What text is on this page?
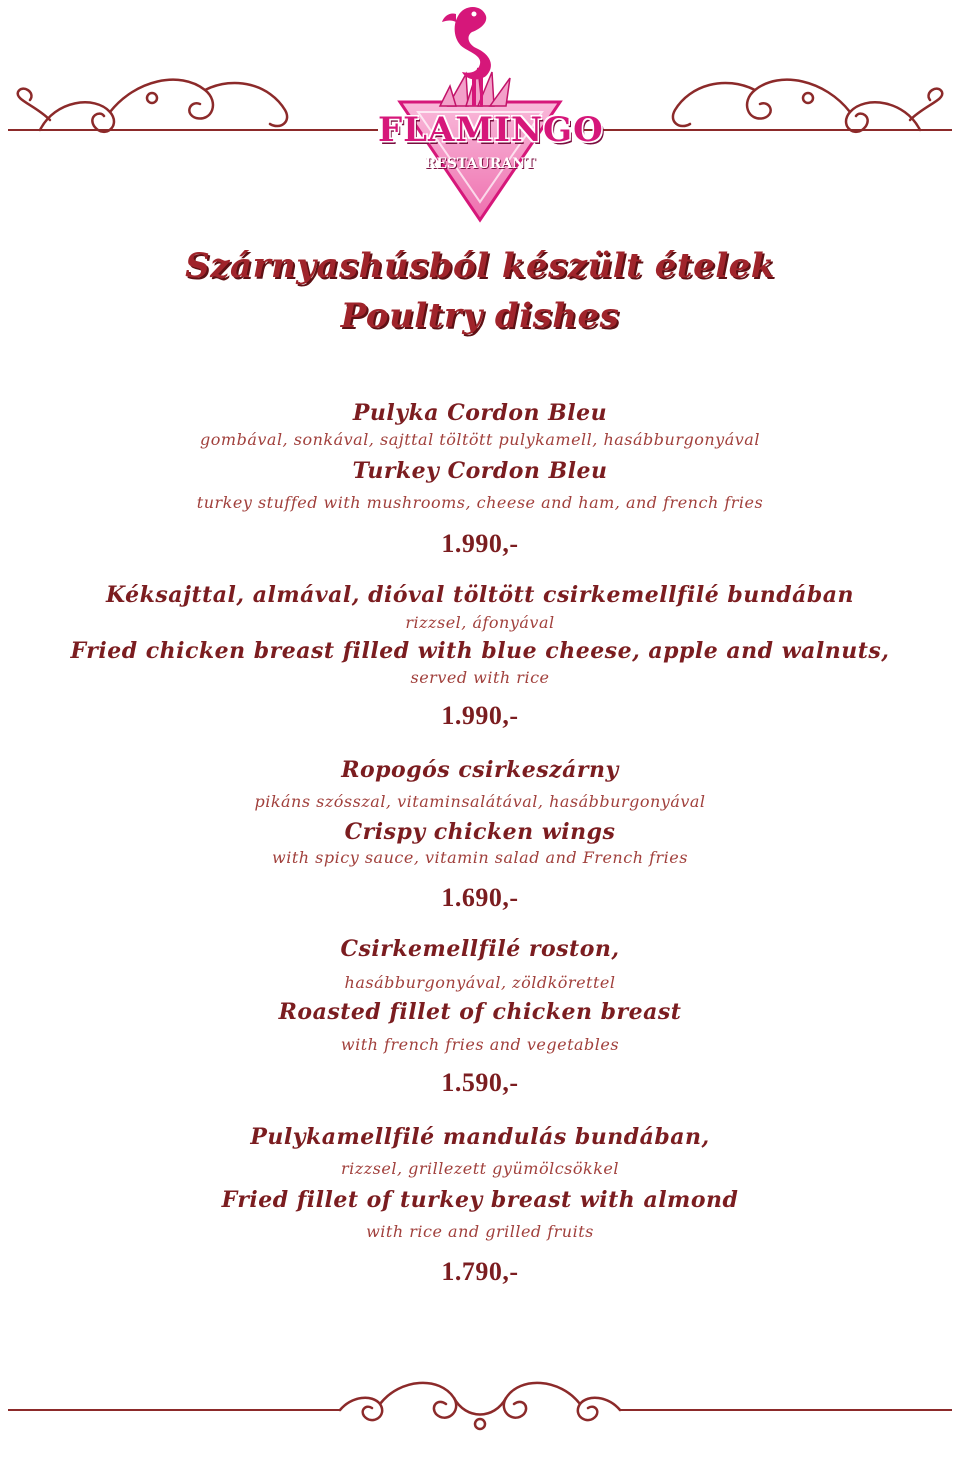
FLAMINGO
RESTAURANT
Szárnyashúsból készült ételek
Poultry dishes
Pulyka Cordon Bleu
gombával, sonkával, sajttal töltött pulykamell, hasábburgonyával
Turkey Cordon Bleu
turkey stuffed with mushrooms, cheese and ham, and french fries
1.990,-
Kéksajttal, almával, dióval töltött csirkemellfilé bundában
rizzsel, áfonyával
Fried chicken breast filled with blue cheese, apple and walnuts,
served with rice
1.990,-
Ropogós csirkeszárny
pikáns szósszal, vitaminsalátával, hasábburgonyával
Crispy chicken wings
with spicy sauce, vitamin salad and French fries
1.690,-
Csirkemellfilé roston,
hasábburgonyával, zöldkörettel
Roasted fillet of chicken breast
with french fries and vegetables
1.590,-
Pulykamellfilé mandulás bundában,
rizzsel, grillezett gyümölcsökkel
Fried fillet of turkey breast with almond
with rice and grilled fruits
1.790,-
